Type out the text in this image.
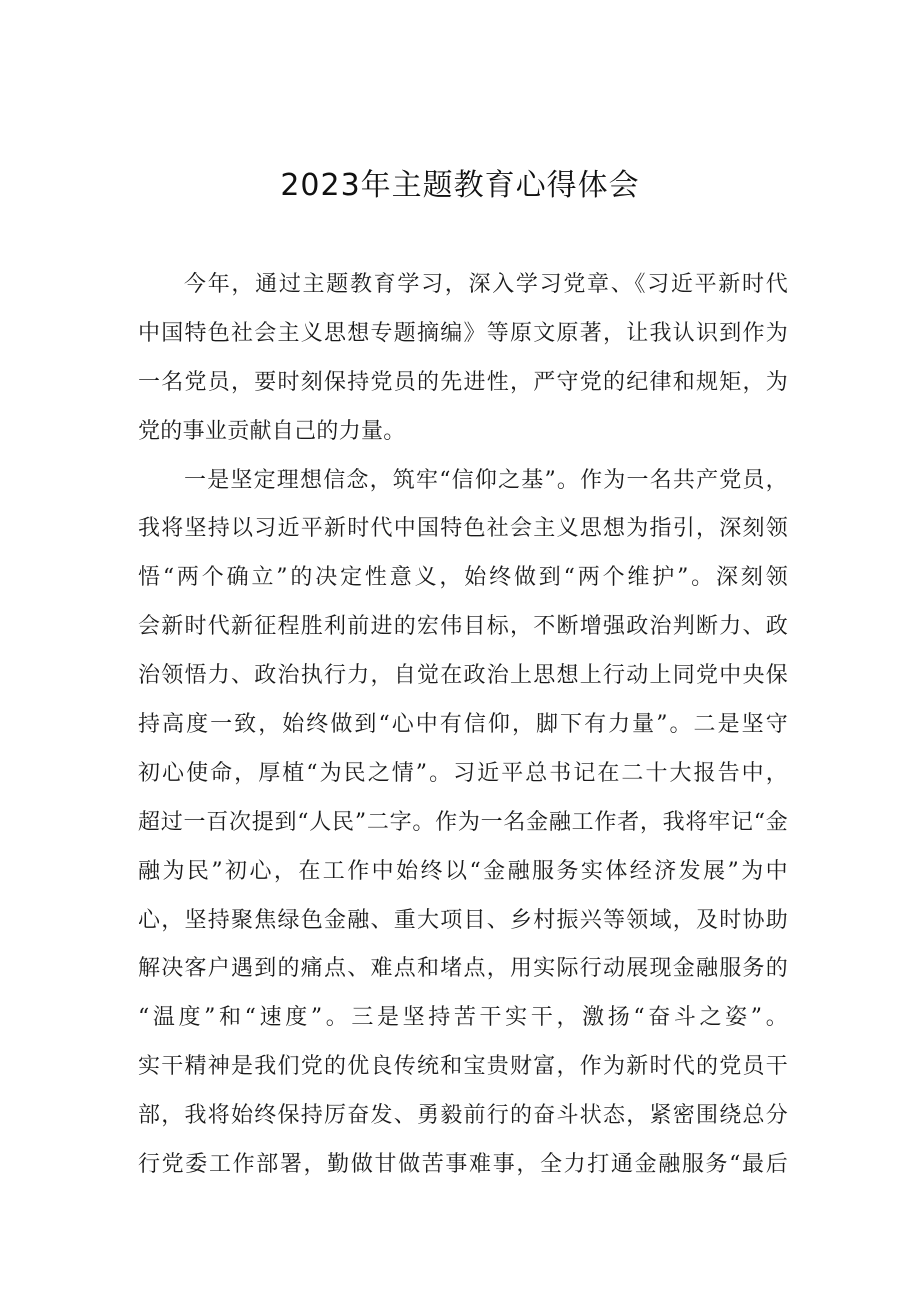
2023年主题教育心得体会
今年，通过主题教育学习，深入学习党章、《习近平新时代
中国特色社会主义思想专题摘编》等原文原著，让我认识到作为
一名党员，要时刻保持党员的先进性，严守党的纪律和规矩，为
党的事业贡献自己的力量。
一是坚定理想信念，筑牢“信仰之基”。作为一名共产党员，
我将坚持以习近平新时代中国特色社会主义思想为指引，深刻领
悟“两个确立”的决定性意义，始终做到“两个维护”。深刻领
会新时代新征程胜利前进的宏伟目标，不断增强政治判断力、政
治领悟力、政治执行力，自觉在政治上思想上行动上同党中央保
持高度一致，始终做到“心中有信仰，脚下有力量”。二是坚守
初心使命，厚植“为民之情”。习近平总书记在二十大报告中，
超过一百次提到“人民”二字。作为一名金融工作者，我将牢记“金
融为民”初心，在工作中始终以“金融服务实体经济发展”为中
心，坚持聚焦绿色金融、重大项目、乡村振兴等领域，及时协助
解决客户遇到的痛点、难点和堵点，用实际行动展现金融服务的
“温度”和“速度”。三是坚持苦干实干，激扬“奋斗之姿”。
实干精神是我们党的优良传统和宝贵财富，作为新时代的党员干
部，我将始终保持厉奋发、勇毅前行的奋斗状态，紧密围绕总分
行党委工作部署，勤做甘做苦事难事，全力打通金融服务“最后
